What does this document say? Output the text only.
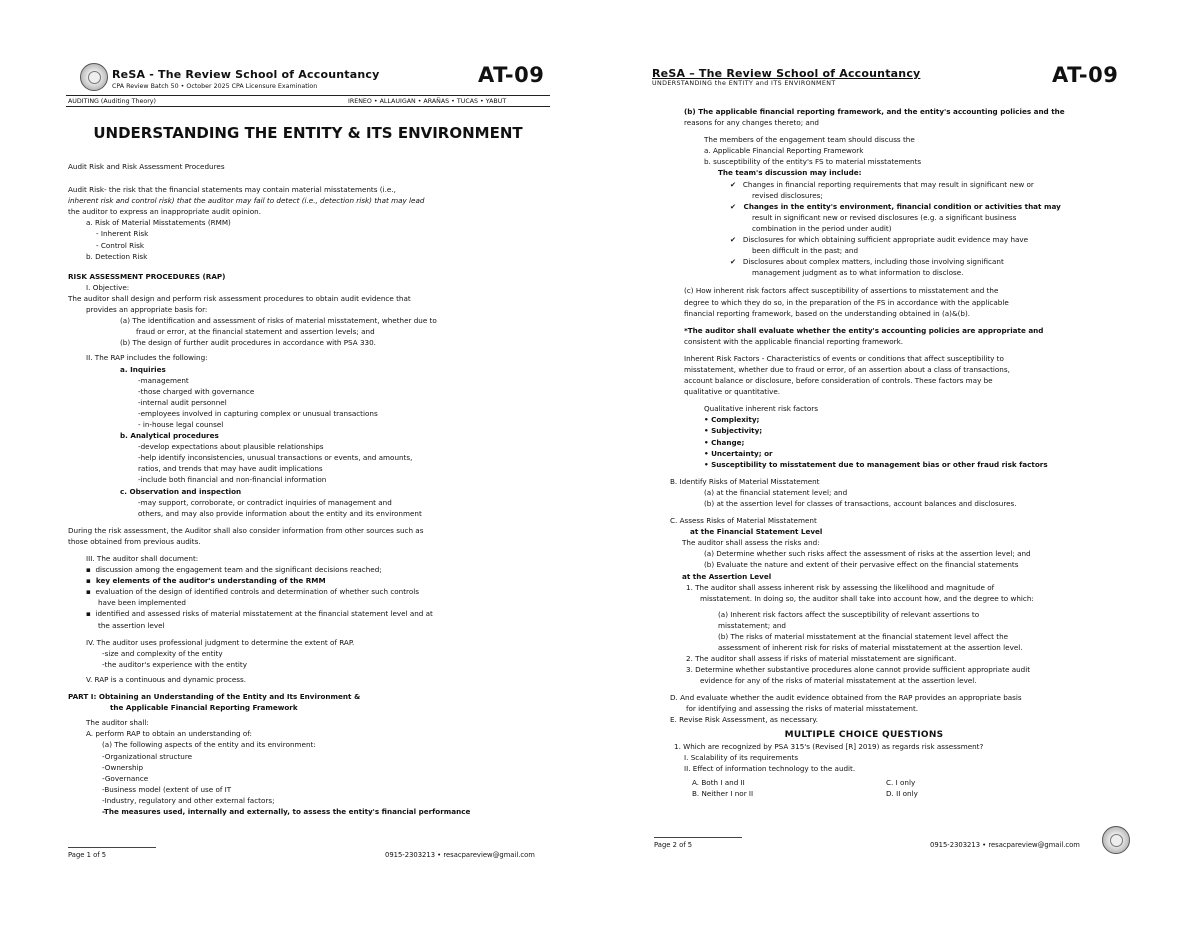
ReSA - The Review School of Accountancy	AT-09
CPA Review Batch 50 • October 2025 CPA Licensure Examination
AUDITING (Auditing Theory)	IRENEO • ALLAUIGAN • ARAÑAS • TUCAS • YABUT
UNDERSTANDING THE ENTITY & ITS ENVIRONMENT

Audit Risk and Risk Assessment Procedures

Audit Risk- the risk that the financial statements may contain material misstatements (i.e.,

inherent risk and control risk) that the auditor may fail to detect (i.e., detection risk) that may lead

the auditor to express an inappropriate audit opinion.

a. Risk of Material Misstatements (RMM)

- Inherent Risk

- Control Risk

b. Detection Risk

RISK ASSESSMENT PROCEDURES (RAP)

I. Objective:

The auditor shall design and perform risk assessment procedures to obtain audit evidence that

provides an appropriate basis for:

(a) The identification and assessment of risks of material misstatement, whether due to

fraud or error, at the financial statement and assertion levels; and

(b) The design of further audit procedures in accordance with PSA 330.

II. The RAP includes the following:

a. Inquiries

-management

-those charged with governance

-internal audit personnel

-employees involved in capturing complex or unusual transactions

- in-house legal counsel

b. Analytical procedures

-develop expectations about plausible relationships

-help identify inconsistencies, unusual transactions or events, and amounts,

ratios, and trends that may have audit implications

-include both financial and non-financial information

c. Observation and inspection

-may support, corroborate, or contradict inquiries of management and

others, and may also provide information about the entity and its environment

During the risk assessment, the Auditor shall also consider information from other sources such as

those obtained from previous audits.

III. The auditor shall document:

▪  discussion among the engagement team and the significant decisions reached;

▪  key elements of the auditor's understanding of the RMM

▪  evaluation of the design of identified controls and determination of whether such controls

have been implemented

▪  identified and assessed risks of material misstatement at the financial statement level and at

the assertion level

IV. The auditor uses professional judgment to determine the extent of RAP.

-size and complexity of the entity

-the auditor's experience with the entity

V. RAP is a continuous and dynamic process.

PART I: Obtaining an Understanding of the Entity and Its Environment &

the Applicable Financial Reporting Framework

The auditor shall:

A. perform RAP to obtain an understanding of:

(a) The following aspects of the entity and its environment:

-Organizational structure

-Ownership

-Governance

-Business model (extent of use of IT

-Industry, regulatory and other external factors;

-The measures used, internally and externally, to assess the entity's financial performance

Page 1 of 5	0915-2303213 • resacpareview@gmail.com
ReSA – The Review School of Accountancy	AT-09
UNDERSTANDING the ENTITY and ITS ENVIRONMENT

(b) The applicable financial reporting framework, and the entity's accounting policies and the

reasons for any changes thereto; and

The members of the engagement team should discuss the

a. Applicable Financial Reporting Framework

b. susceptibility of the entity's FS to material misstatements

The team's discussion may include:

✔ Changes in financial reporting requirements that may result in significant new or

revised disclosures;

✔ Changes in the entity's environment, financial condition or activities that may

result in significant new or revised disclosures (e.g. a significant business

combination in the period under audit)

✔ Disclosures for which obtaining sufficient appropriate audit evidence may have

been difficult in the past; and

✔ Disclosures about complex matters, including those involving significant

management judgment as to what information to disclose.

(c) How inherent risk factors affect susceptibility of assertions to misstatement and the

degree to which they do so, in the preparation of the FS in accordance with the applicable

financial reporting framework, based on the understanding obtained in (a)&(b).

*The auditor shall evaluate whether the entity's accounting policies are appropriate and

consistent with the applicable financial reporting framework.

Inherent Risk Factors - Characteristics of events or conditions that affect susceptibility to

misstatement, whether due to fraud or error, of an assertion about a class of transactions,

account balance or disclosure, before consideration of controls. These factors may be

qualitative or quantitative.

Qualitative inherent risk factors

• Complexity;

• Subjectivity;

• Change;

• Uncertainty; or

• Susceptibility to misstatement due to management bias or other fraud risk factors

B. Identify Risks of Material Misstatement

(a) at the financial statement level; and

(b) at the assertion level for classes of transactions, account balances and disclosures.

C. Assess Risks of Material Misstatement

at the Financial Statement Level

The auditor shall assess the risks and:

(a) Determine whether such risks affect the assessment of risks at the assertion level; and

(b) Evaluate the nature and extent of their pervasive effect on the financial statements

at the Assertion Level

1. The auditor shall assess inherent risk by assessing the likelihood and magnitude of

misstatement. In doing so, the auditor shall take into account how, and the degree to which:

(a) Inherent risk factors affect the susceptibility of relevant assertions to

misstatement; and

(b) The risks of material misstatement at the financial statement level affect the

assessment of inherent risk for risks of material misstatement at the assertion level.

2. The auditor shall assess if risks of material misstatement are significant.

3. Determine whether substantive procedures alone cannot provide sufficient appropriate audit

evidence for any of the risks of material misstatement at the assertion level.

D. And evaluate whether the audit evidence obtained from the RAP provides an appropriate basis

for identifying and assessing the risks of material misstatement.

E. Revise Risk Assessment, as necessary.

MULTIPLE CHOICE QUESTIONS

1. Which are recognized by PSA 315's (Revised [R] 2019) as regards risk assessment?

I. Scalability of its requirements

II. Effect of information technology to the audit.

A. Both I and II	C. I only
B. Neither I nor II	D. II only
Page 2 of 5	0915-2303213 • resacpareview@gmail.com
